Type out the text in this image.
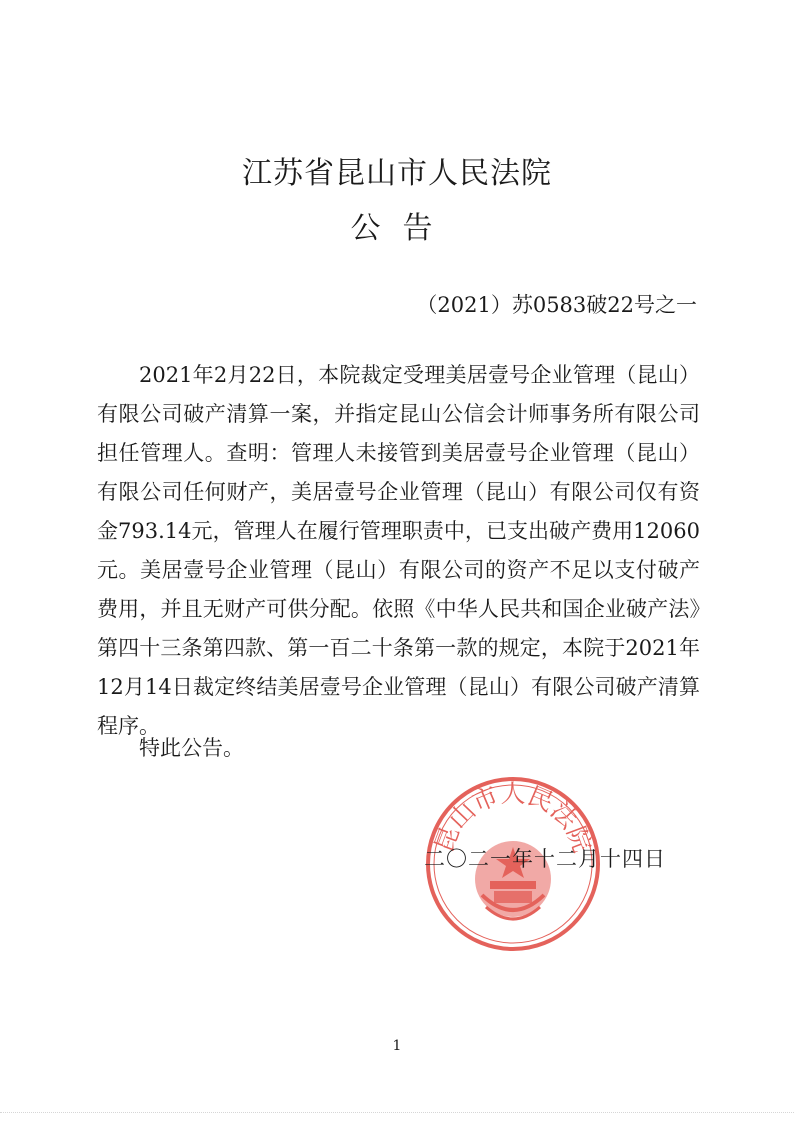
江苏省昆山市人民法院
公告
（2021）苏0583破22号之一

2021年2月22日，本院裁定受理美居壹号企业管理（昆山）有限公司破产清算一案，并指定昆山公信会计师事务所有限公司担任管理人。查明：管理人未接管到美居壹号企业管理（昆山）有限公司任何财产，美居壹号企业管理（昆山）有限公司仅有资金793.14元，管理人在履行管理职责中，已支出破产费用12060元。美居壹号企业管理（昆山）有限公司的资产不足以支付破产费用，并且无财产可供分配。依照《中华人民共和国企业破产法》第四十三条第四款、第一百二十条第一款的规定，本院于2021年12月14日裁定终结美居壹号企业管理（昆山）有限公司破产清算程序。

特此公告。
昆山市人民法院
二〇二一年十二月十四日
1
